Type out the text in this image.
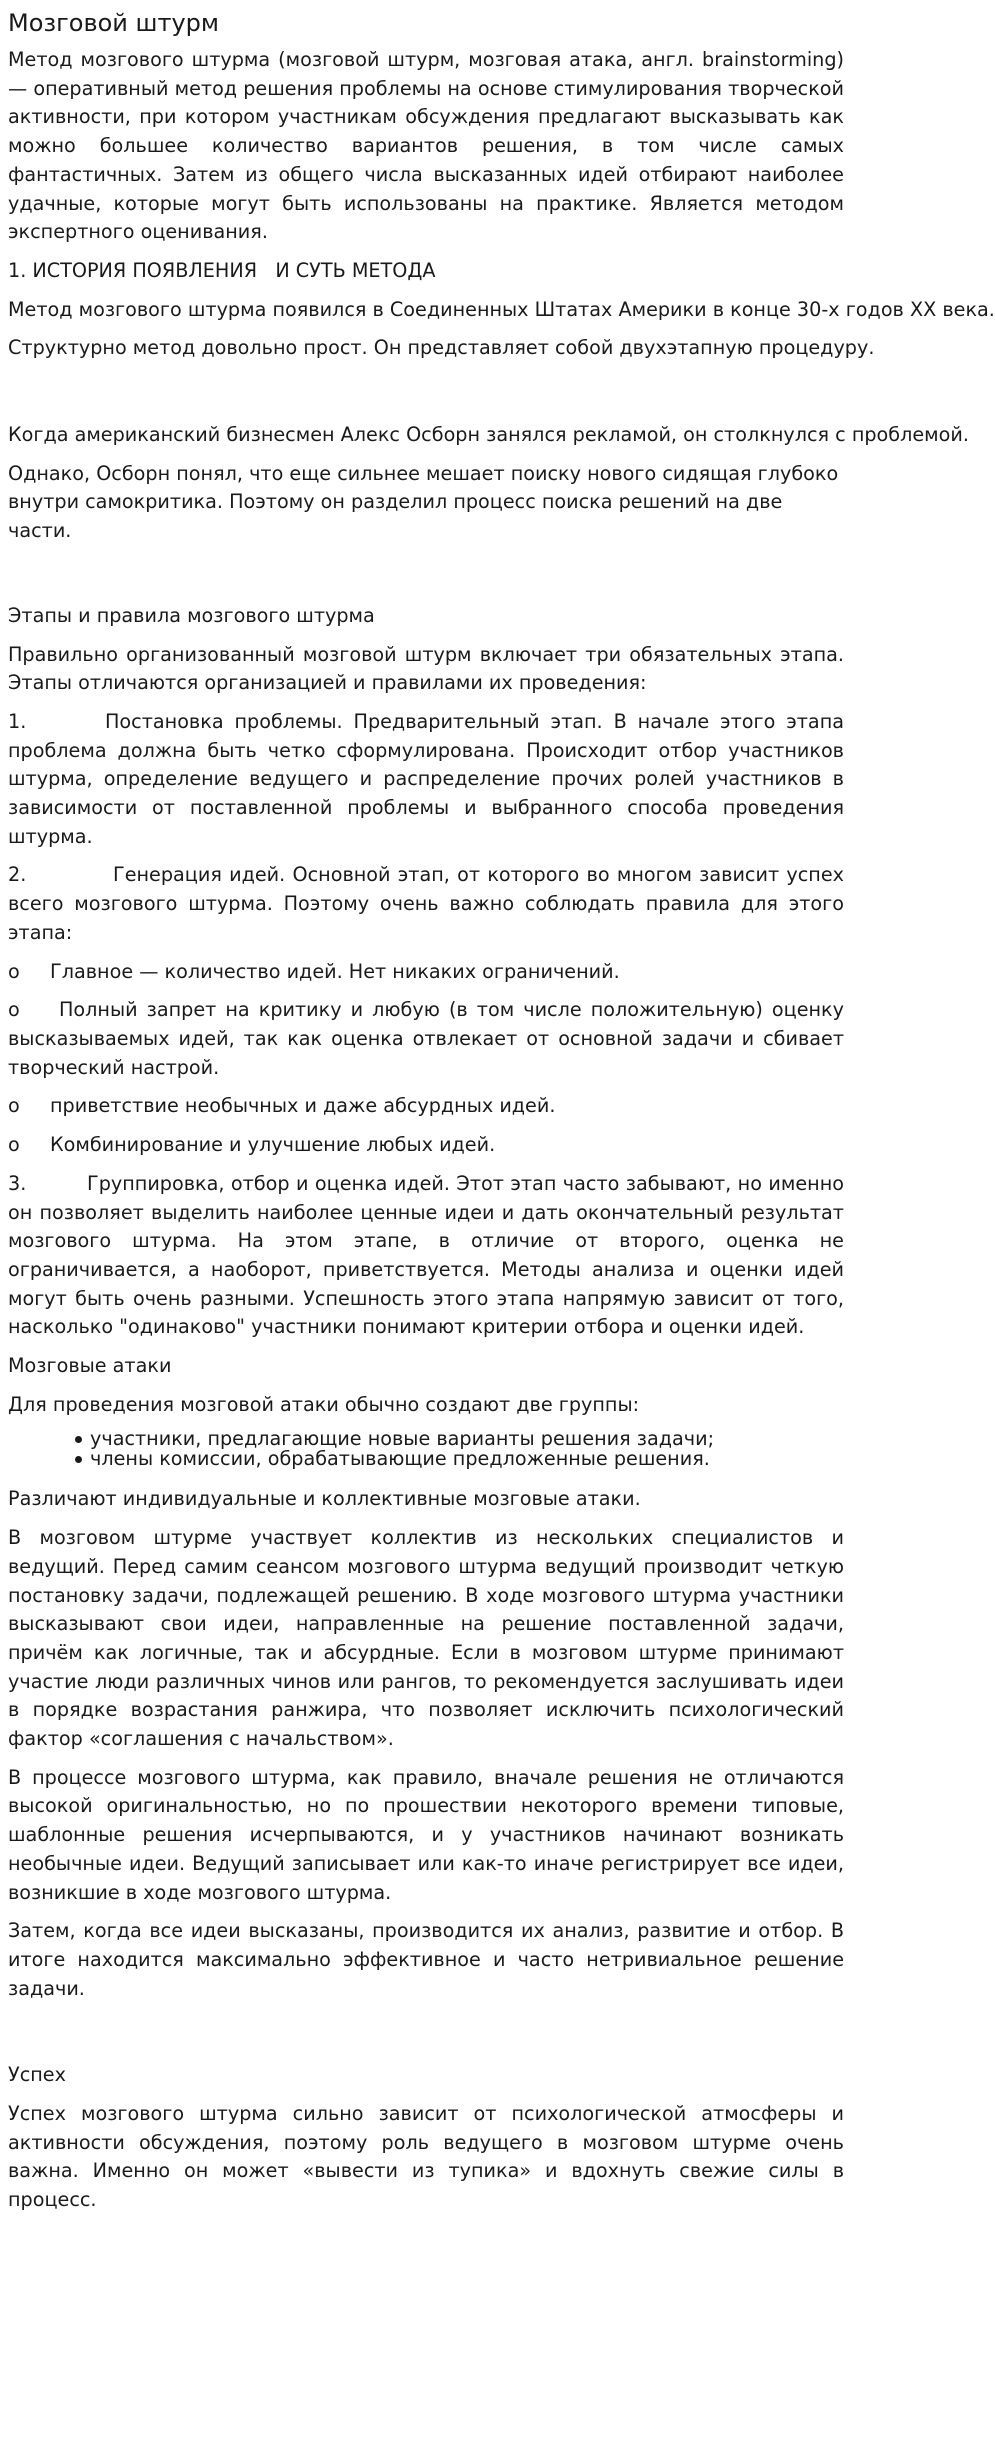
Мозговой штурм

Метод мозгового штурма (мозговой штурм, мозговая атака, англ. brainstorming) — оперативный метод решения проблемы на основе стимулирования творческой активности, при котором участникам обсуждения предлагают высказывать как можно большее количество вариантов решения, в том числе самых фантастичных. Затем из общего числа высказанных идей отбирают наиболее удачные, которые могут быть использованы на практике. Является методом экспертного оценивания.

1. ИСТОРИЯ ПОЯВЛЕНИЯ   И СУТЬ МЕТОДА

Метод мозгового штурма появился в Соединенных Штатах Америки в конце 30-х годов XX века.

Структурно метод довольно прост. Он представляет собой двухэтапную процедуру.

Когда американский бизнесмен Алекс Осборн занялся рекламой, он столкнулся с проблемой.

Однако, Осборн понял, что еще сильнее мешает поиску нового сидящая глубоко внутри самокритика. Поэтому он разделил процесс поиска решений на две части.

Этапы и правила мозгового штурма

Правильно организованный мозговой штурм включает три обязательных этапа. Этапы отличаются организацией и правилами их проведения:

1.	Постановка проблемы. Предварительный этап. В начале этого этапа проблема должна быть четко сформулирована. Происходит отбор участников штурма, определение ведущего и распределение прочих ролей участников в зависимости от поставленной проблемы и выбранного способа проведения штурма.

2.	Генерация идей. Основной этап, от которого во многом зависит успех всего мозгового штурма. Поэтому очень важно соблюдать правила для этого этапа:

o Главное — количество идей. Нет никаких ограничений.

o Полный запрет на критику и любую (в том числе положительную) оценку высказываемых идей, так как оценка отвлекает от основной задачи и сбивает творческий настрой.

o приветствие необычных и даже абсурдных идей.

o Комбинирование и улучшение любых идей.

3.	Группировка, отбор и оценка идей. Этот этап часто забывают, но именно он позволяет выделить наиболее ценные идеи и дать окончательный результат мозгового штурма. На этом этапе, в отличие от второго, оценка не ограничивается, а наоборот, приветствуется. Методы анализа и оценки идей могут быть очень разными. Успешность этого этапа напрямую зависит от того, насколько "одинаково" участники понимают критерии отбора и оценки идей.

Мозговые атаки

Для проведения мозговой атаки обычно создают две группы:

участники, предлагающие новые варианты решения задачи;
члены комиссии, обрабатывающие предложенные решения.

Различают индивидуальные и коллективные мозговые атаки.

В мозговом штурме участвует коллектив из нескольких специалистов и ведущий. Перед самим сеансом мозгового штурма ведущий производит четкую постановку задачи, подлежащей решению. В ходе мозгового штурма участники высказывают свои идеи, направленные на решение поставленной задачи, причём как логичные, так и абсурдные. Если в мозговом штурме принимают участие люди различных чинов или рангов, то рекомендуется заслушивать идеи в порядке возрастания ранжира, что позволяет исключить психологический фактор «соглашения с начальством».

В процессе мозгового штурма, как правило, вначале решения не отличаются высокой оригинальностью, но по прошествии некоторого времени типовые, шаблонные решения исчерпываются, и у участников начинают возникать необычные идеи. Ведущий записывает или как-то иначе регистрирует все идеи, возникшие в ходе мозгового штурма.

Затем, когда все идеи высказаны, производится их анализ, развитие и отбор. В итоге находится максимально эффективное и часто нетривиальное решение задачи.

Успех

Успех мозгового штурма сильно зависит от психологической атмосферы и активности обсуждения, поэтому роль ведущего в мозговом штурме очень важна. Именно он может «вывести из тупика» и вдохнуть свежие силы в процесс.
